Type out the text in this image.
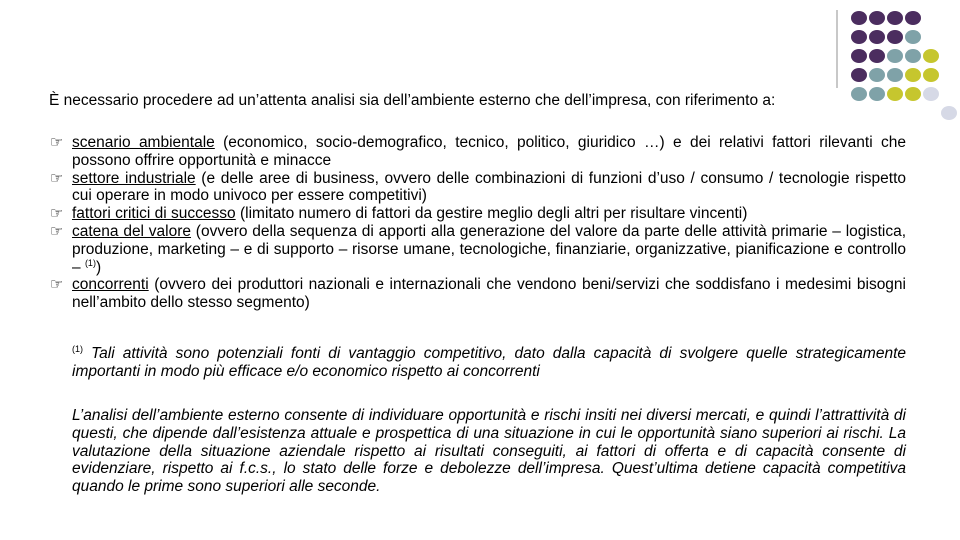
È necessario procedere ad un’attenta analisi sia dell’ambiente esterno che dell’impresa, con riferimento a:
☞ scenario ambientale (economico, socio-demografico, tecnico, politico, giuridico …) e dei relativi fattori rilevanti che possono offrire opportunità e minacce
☞ settore industriale (e delle aree di business, ovvero delle combinazioni di funzioni d’uso / consumo / tecnologie rispetto cui operare in modo univoco per essere competitivi)
☞ fattori critici di successo (limitato numero di fattori da gestire meglio degli altri per risultare vincenti)
☞ catena del valore (ovvero della sequenza di apporti alla generazione del valore da parte delle attività primarie – logistica, produzione, marketing – e di supporto – risorse umane, tecnologiche, finanziarie, organizzative, pianificazione e controllo – $^{(1)}$)
☞ concorrenti (ovvero dei produttori nazionali e internazionali che vendono beni/servizi che soddisfano i medesimi bisogni nell’ambito dello stesso segmento)
$^{(1)}$ Tali attività sono potenziali fonti di vantaggio competitivo, dato dalla capacità di svolgere quelle strategicamente importanti in modo più efficace e/o economico rispetto ai concorrenti
L’analisi dell’ambiente esterno consente di individuare opportunità e rischi insiti nei diversi mercati, e quindi l’attrattività di questi, che dipende dall’esistenza attuale e prospettica di una situazione in cui le opportunità siano superiori ai rischi. La valutazione della situazione aziendale rispetto ai risultati conseguiti, ai fattori di offerta e di capacità consente di evidenziare, rispetto ai f.c.s., lo stato delle forze e debolezze dell’impresa. Quest’ultima detiene capacità competitiva quando le prime sono superiori alle seconde.
